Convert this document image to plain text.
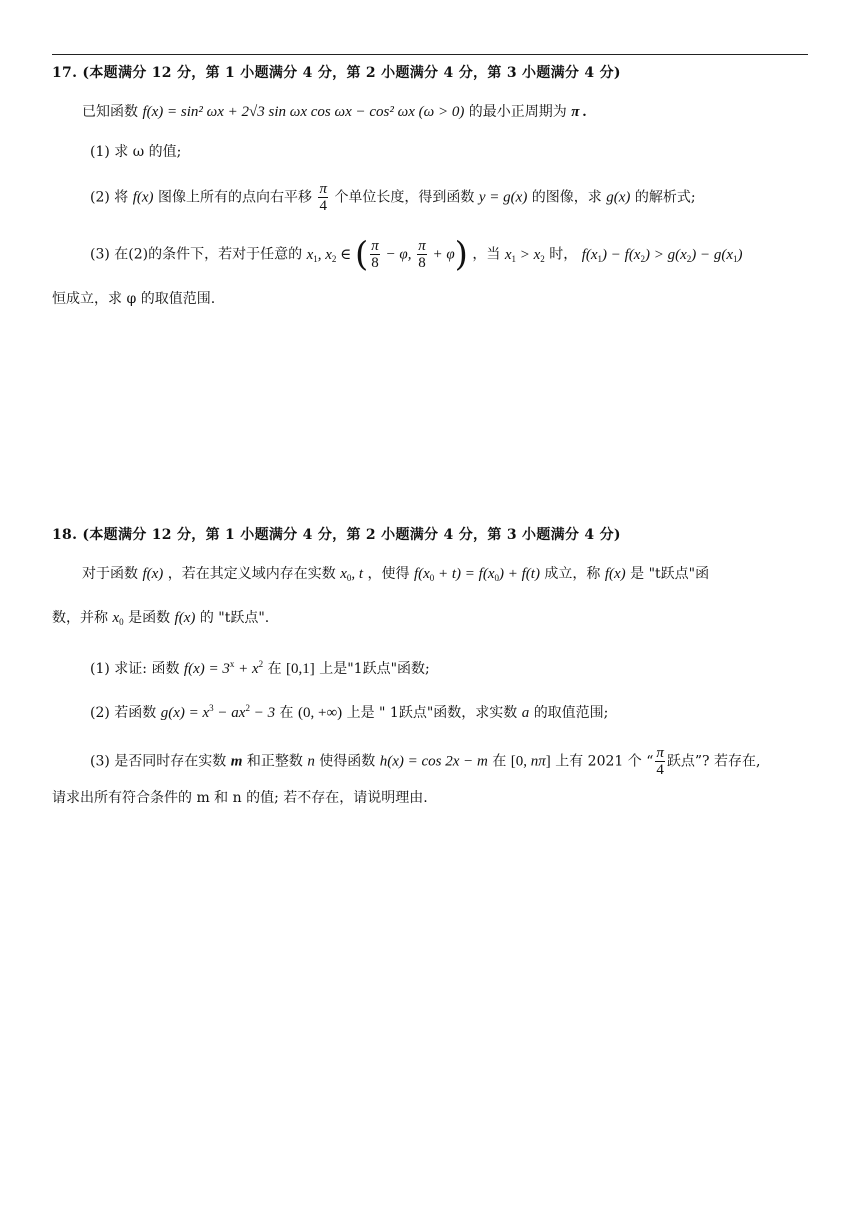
17. (本题满分 12 分，第 1 小题满分 4 分，第 2 小题满分 4 分，第 3 小题满分 4 分)
已知函数 f(x) = sin² ωx + 2√3 sin ωx cos ωx − cos² ωx (ω > 0) 的最小正周期为 π .
(1) 求 ω 的值;
(2) 将 f(x) 图像上所有的点向右平移 $\frac{\pi}{4}$ 个单位长度，得到函数 y = g(x) 的图像，求 g(x) 的解析式;
(3) 在(2)的条件下，若对于任意的 $x_1$, $x_2$ ∈ ( $\frac{\pi}{8} - \varphi$, $\frac{\pi}{8} + \varphi$) ，当 $x_1 > x_2$ 时， $f(x_1) - f(x_2) > g(x_2) - g(x_1)$
恒成立，求 φ 的取值范围.
18. (本题满分 12 分，第 1 小题满分 4 分，第 2 小题满分 4 分，第 3 小题满分 4 分)
对于函数 f(x) ，若在其定义域内存在实数 $x_0$, t ，使得 $f(x_0 + t) = f(x_0) + f(t)$ 成立，称 f(x) 是 "t跃点"函
数，并称 $x_0$ 是函数 f(x) 的 "t跃点".
(1) 求证: 函数 $f(x) = 3^x + x^2$ 在 [0,1] 上是"1跃点"函数;
(2) 若函数 $g(x) = x^3 - ax^2 - 3$ 在 (0, +∞) 上是 " 1跃点"函数，求实数 a 的取值范围;
(3) 是否同时存在实数 m 和正整数 n 使得函数 h(x) = cos 2x − m 在 [0, nπ] 上有 2021 个 “ $\frac{\pi}{4}$ 跃点”? 若存在,
请求出所有符合条件的 m 和 n 的值; 若不存在，请说明理由.
